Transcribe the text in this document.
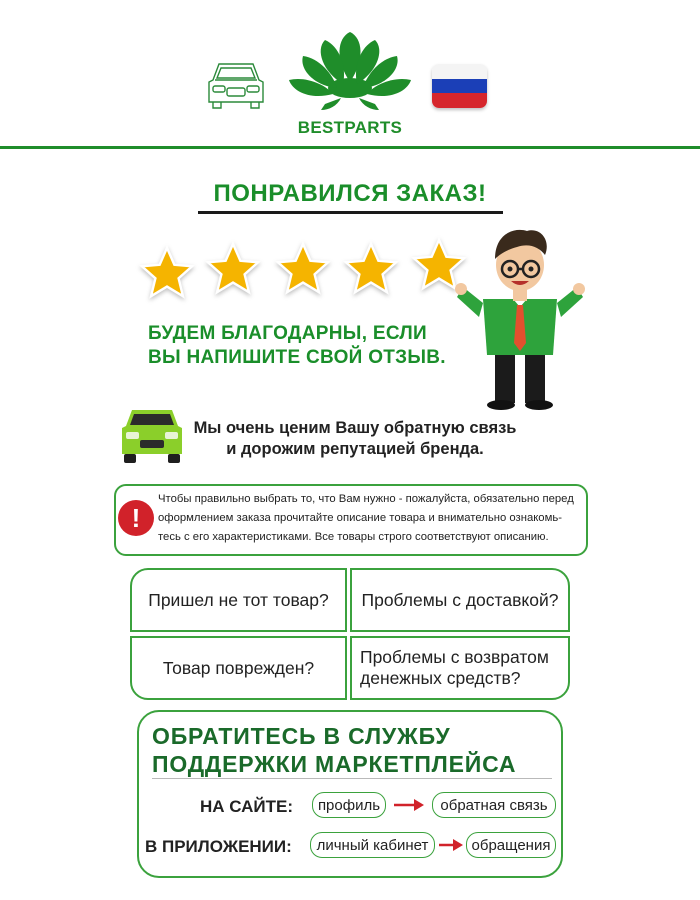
BESTPARTS
ПОНРАВИЛСЯ ЗАКАЗ!
БУДЕМ БЛАГОДАРНЫ, ЕСЛИ
ВЫ НАПИШИТЕ СВОЙ ОТЗЫВ.
Мы очень ценим Вашу обратную связь
и дорожим репутацией бренда.
!
Чтобы правильно выбрать то, что Вам нужно - пожалуйста, обязательно перед
оформлением заказа прочитайте описание товара и внимательно ознакомь-
тесь с его характеристиками. Все товары строго соответствуют описанию.
Пришел не тот товар?	Проблемы с доставкой?
Товар поврежден?
Проблемы с возвратом
денежных средств?
ОБРАТИТЕСЬ В СЛУЖБУ
ПОДДЕРЖКИ МАРКЕТПЛЕЙСА
НА САЙТЕ:	профиль	обратная связь
В ПРИЛОЖЕНИИ:	личный кабинет	обращения
